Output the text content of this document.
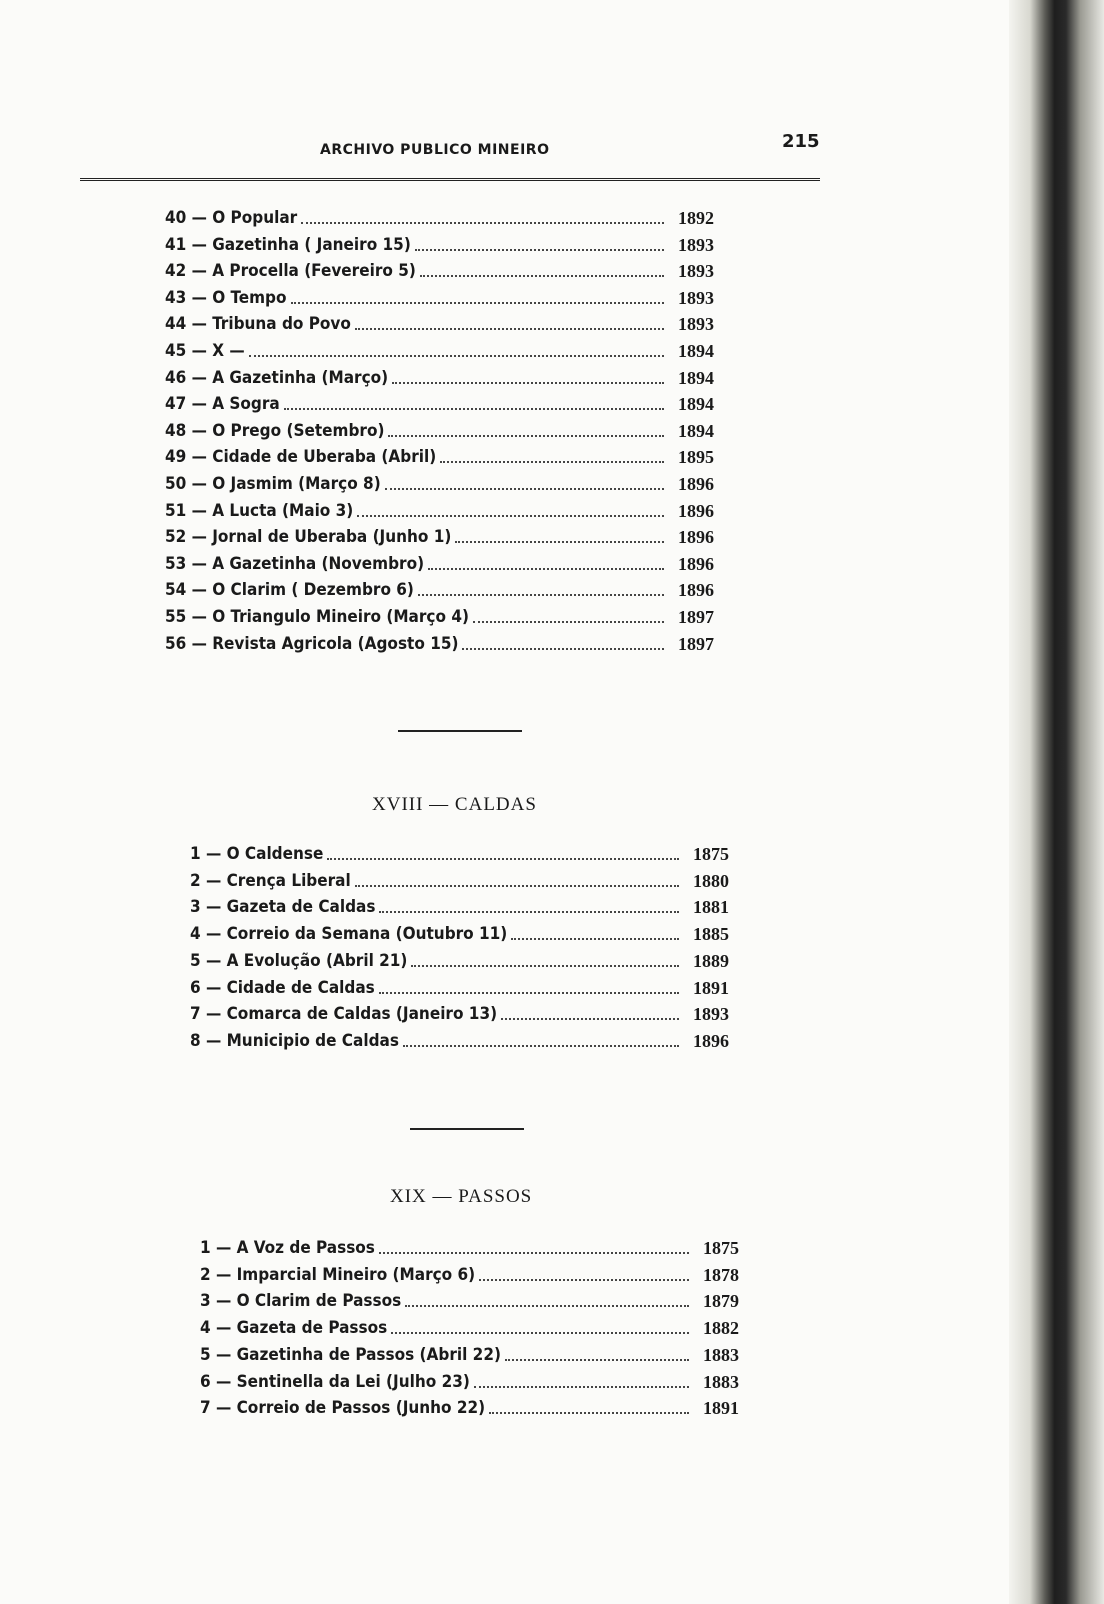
ARCHIVO PUBLICO MINEIRO	215
40 — O Popular	1892
41 — Gazetinha ( Janeiro 15)	1893
42 — A Procella (Fevereiro 5)	1893
43 — O Tempo	1893
44 — Tribuna do Povo	1893
45 — X —	1894
46 — A Gazetinha (Março)	1894
47 — A Sogra	1894
48 — O Prego (Setembro)	1894
49 — Cidade de Uberaba (Abril)	1895
50 — O Jasmim (Março 8)	1896
51 — A Lucta (Maio 3)	1896
52 — Jornal de Uberaba (Junho 1)	1896
53 — A Gazetinha (Novembro)	1896
54 — O Clarim ( Dezembro 6)	1896
55 — O Triangulo Mineiro (Março 4)	1897
56 — Revista Agricola (Agosto 15)	1897
XVIII — CALDAS
1 — O Caldense	1875
2 — Crença Liberal	1880
3 — Gazeta de Caldas	1881
4 — Correio da Semana (Outubro 11)	1885
5 — A Evolução (Abril 21)	1889
6 — Cidade de Caldas	1891
7 — Comarca de Caldas (Janeiro 13)	1893
8 — Municipio de Caldas	1896
XIX — PASSOS
1 — A Voz de Passos	1875
2 — Imparcial Mineiro (Março 6)	1878
3 — O Clarim de Passos	1879
4 — Gazeta de Passos	1882
5 — Gazetinha de Passos (Abril 22)	1883
6 — Sentinella da Lei (Julho 23)	1883
7 — Correio de Passos (Junho 22)	1891
